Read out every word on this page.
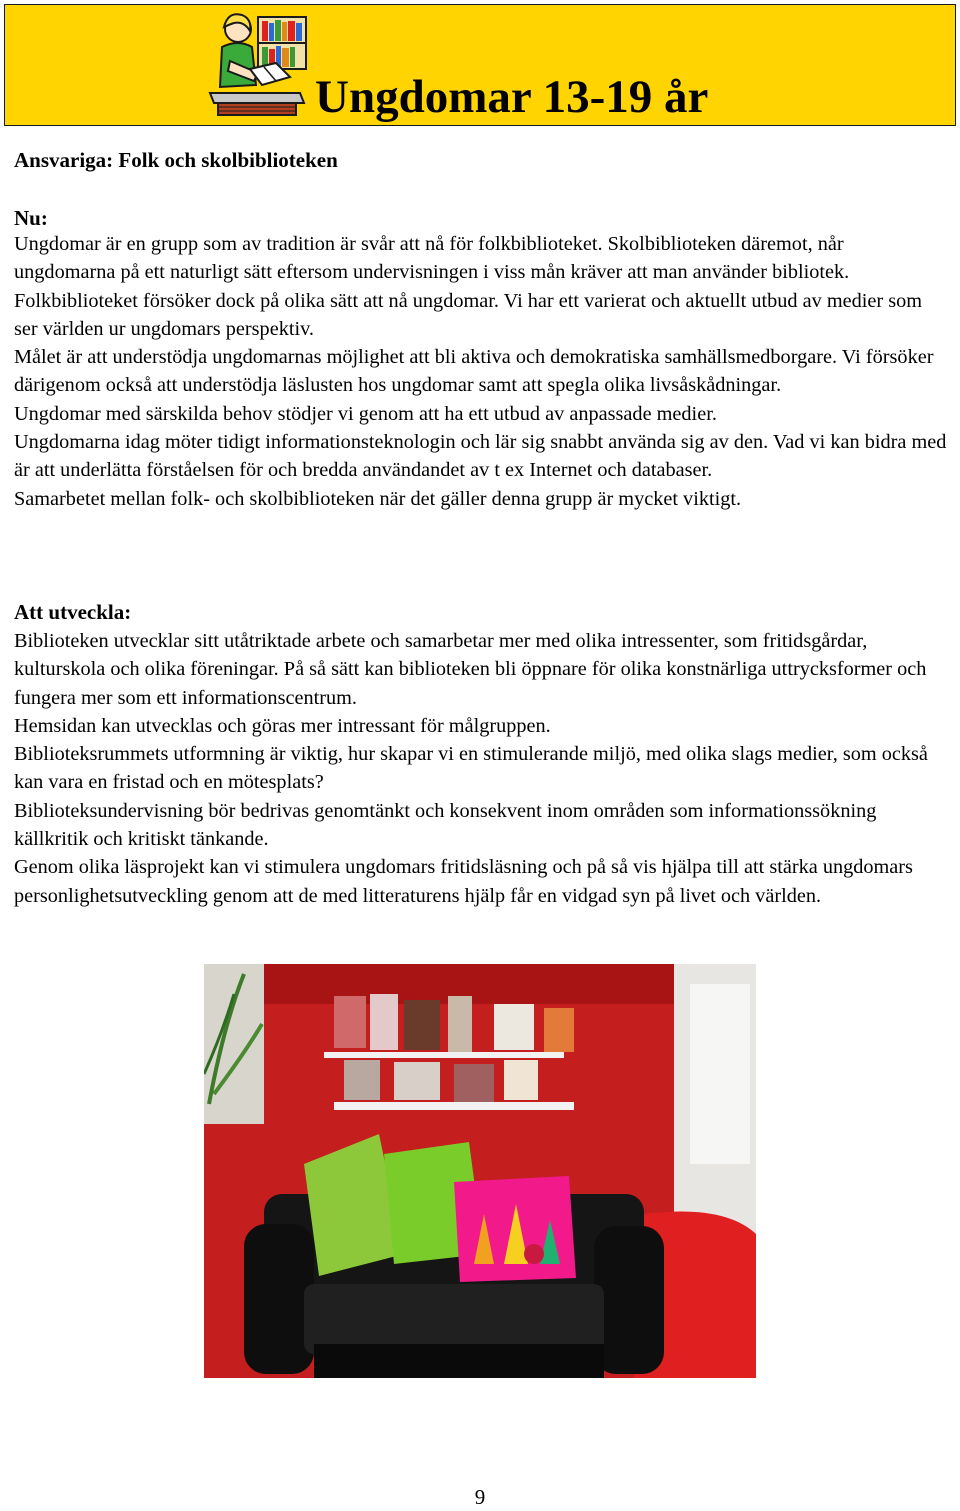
Ungdomar 13-19 år
Ansvariga: Folk och skolbiblioteken
Nu:

Ungdomar är en grupp som av tradition är svår att nå för folkbiblioteket. Skolbiblioteken däremot, når ungdomarna på ett naturligt sätt eftersom undervisningen i viss mån kräver att man använder bibliotek. Folkbiblioteket försöker dock på olika sätt att nå ungdomar. Vi har ett varierat och aktuellt utbud av medier som ser världen ur ungdomars perspektiv.

Målet är att understödja ungdomarnas möjlighet att bli aktiva och demokratiska samhällsmedborgare. Vi försöker därigenom också att understödja läslusten hos ungdomar samt att spegla olika livsåskådningar.

Ungdomar med särskilda behov stödjer vi genom att ha ett utbud av anpassade medier.

Ungdomarna idag möter tidigt informationsteknologin och lär sig snabbt använda sig av den. Vad vi kan bidra med är att underlätta förståelsen för och bredda användandet av t ex Internet och databaser.

Samarbetet mellan folk- och skolbiblioteken när det gäller denna grupp är mycket viktigt.

Att utveckla:

Biblioteken utvecklar sitt utåtriktade arbete och samarbetar mer med olika intressenter, som fritidsgårdar, kulturskola och olika föreningar. På så sätt kan biblioteken bli öppnare för olika konstnärliga uttrycksformer och fungera mer som ett informationscentrum.

Hemsidan kan utvecklas och göras mer intressant för målgruppen.

Biblioteksrummets utformning är viktig, hur skapar vi en stimulerande miljö, med olika slags medier, som också kan vara en fristad och en mötesplats?

Biblioteksundervisning bör bedrivas genomtänkt och konsekvent inom områden som informationssökning källkritik och kritiskt tänkande.

Genom olika läsprojekt kan vi stimulera ungdomars fritidsläsning och på så vis hjälpa till att stärka ungdomars personlighetsutveckling genom att de med litteraturens hjälp får en vidgad syn på livet och världen.

9
